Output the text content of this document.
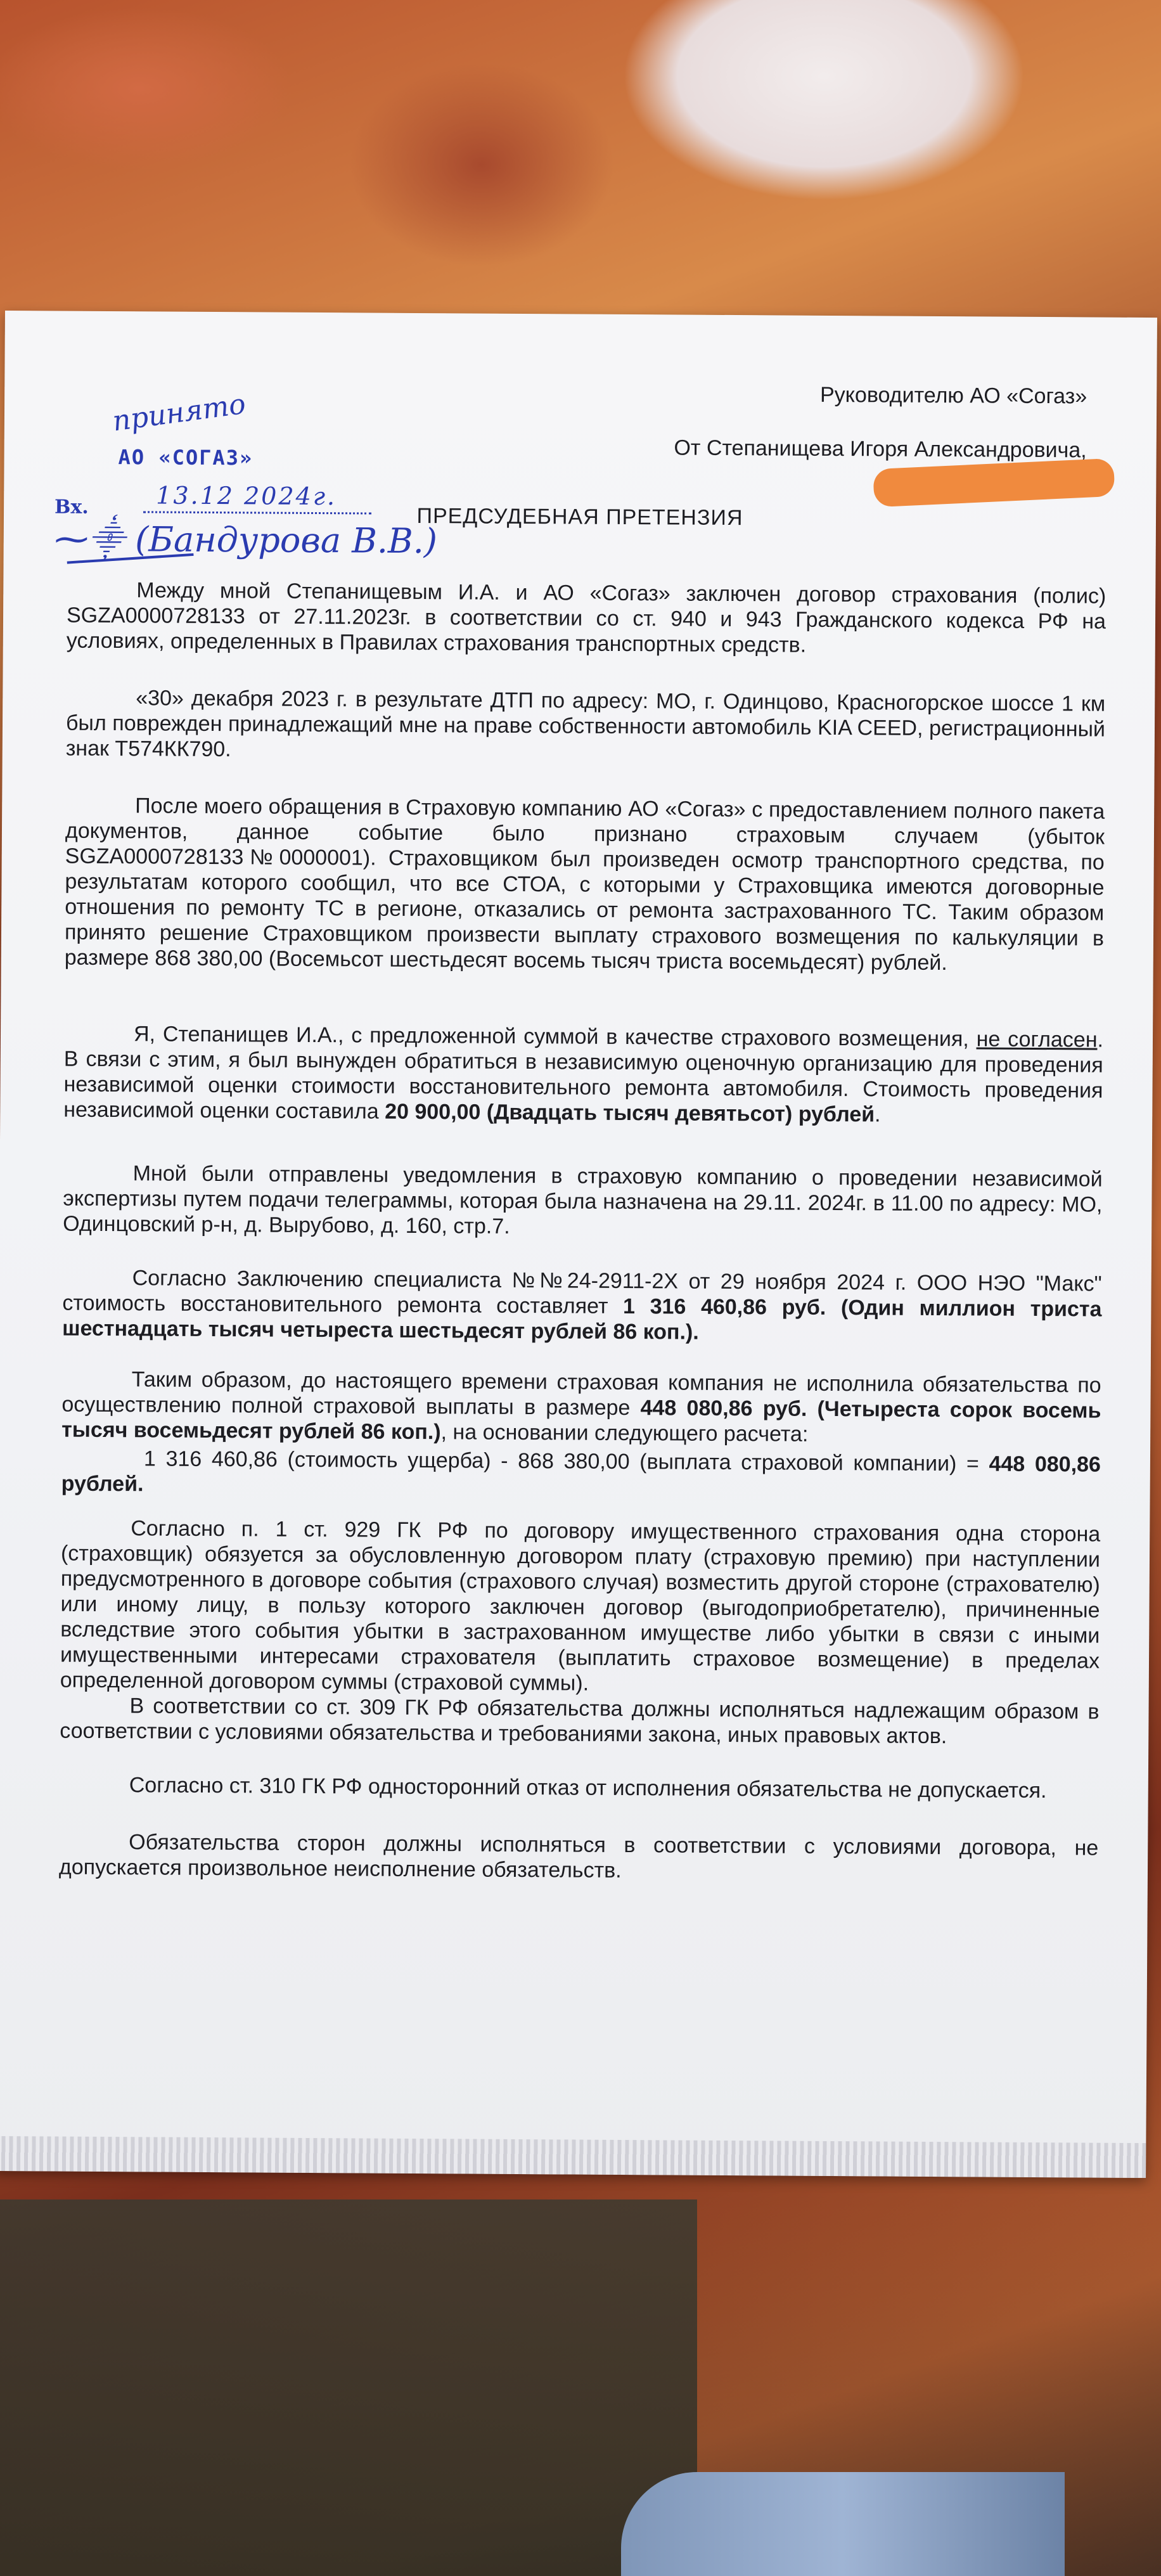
Руководителю АО «Согаз»
От Степанищева Игоря Александровича,
принято
АО «СОГАЗ»
Вх.	13.12 2024г.
⁓⸎ (Бандурова В.В.)
ПРЕДСУДЕБНАЯ ПРЕТЕНЗИЯ

Между мной Степанищевым И.А. и АО «Согаз» заключен договор страхования (полис) SGZA0000728133 от 27.11.2023г. в соответствии со ст. 940 и 943 Гражданского кодекса РФ на условиях, определенных в Правилах страхования транспортных средств.

«30» декабря 2023 г. в результате ДТП по адресу: МО, г. Одинцово, Красногорское шоссе 1 км был поврежден принадлежащий мне на праве собственности автомобиль KIA CEED, регистрационный знак Т574КК790.

После моего обращения в Страховую компанию АО «Согаз» с предоставлением полного пакета документов, данное событие было признано страховым случаем (убыток SGZA0000728133№0000001). Страховщиком был произведен осмотр транспортного средства, по результатам которого сообщил, что все СТОА, с которыми у Страховщика имеются договорные отношения по ремонту ТС в регионе, отказались от ремонта застрахованного ТС. Таким образом принято решение Страховщиком произвести выплату страхового возмещения по калькуляции в размере 868 380,00 (Восемьсот шестьдесят восемь тысяч триста восемьдесят) рублей.

Я, Степанищев И.А., с предложенной суммой в качестве страхового возмещения, не согласен. В связи с этим, я был вынужден обратиться в независимую оценочную организацию для проведения независимой оценки стоимости восстановительного ремонта автомобиля. Стоимость проведения независимой оценки составила 20 900,00 (Двадцать тысяч девятьсот) рублей.

Мной были отправлены уведомления в страховую компанию о проведении независимой экспертизы путем подачи телеграммы, которая была назначена на 29.11. 2024г. в 11.00 по адресу: МО, Одинцовский р-н, д. Вырубово, д. 160, стр.7.

Согласно Заключению специалиста №№24-2911-2Х от 29 ноября 2024 г. ООО НЭО "Макс" стоимость восстановительного ремонта составляет 1 316 460,86 руб. (Один миллион триста шестнадцать тысяч четыреста шестьдесят рублей 86 коп.).

Таким образом, до настоящего времени страховая компания не исполнила обязательства по осуществлению полной страховой выплаты в размере 448 080,86 руб. (Четыреста сорок восемь тысяч восемьдесят рублей 86 коп.), на основании следующего расчета:

1 316 460,86 (стоимость ущерба) - 868 380,00 (выплата страховой компании) = 448 080,86 рублей.

Согласно п. 1 ст. 929 ГК РФ по договору имущественного страхования одна сторона (страховщик) обязуется за обусловленную договором плату (страховую премию) при наступлении предусмотренного в договоре события (страхового случая) возместить другой стороне (страхователю) или иному лицу, в пользу которого заключен договор (выгодоприобретателю), причиненные вследствие этого события убытки в застрахованном имуществе либо убытки в связи с иными имущественными интересами страхователя (выплатить страховое возмещение) в пределах определенной договором суммы (страховой суммы).

В соответствии со ст. 309 ГК РФ обязательства должны исполняться надлежащим образом в соответствии с условиями обязательства и требованиями закона, иных правовых актов.

Согласно ст. 310 ГК РФ односторонний отказ от исполнения обязательства не допускается.

Обязательства сторон должны исполняться в соответствии с условиями договора, не допускается произвольное неисполнение обязательств.
